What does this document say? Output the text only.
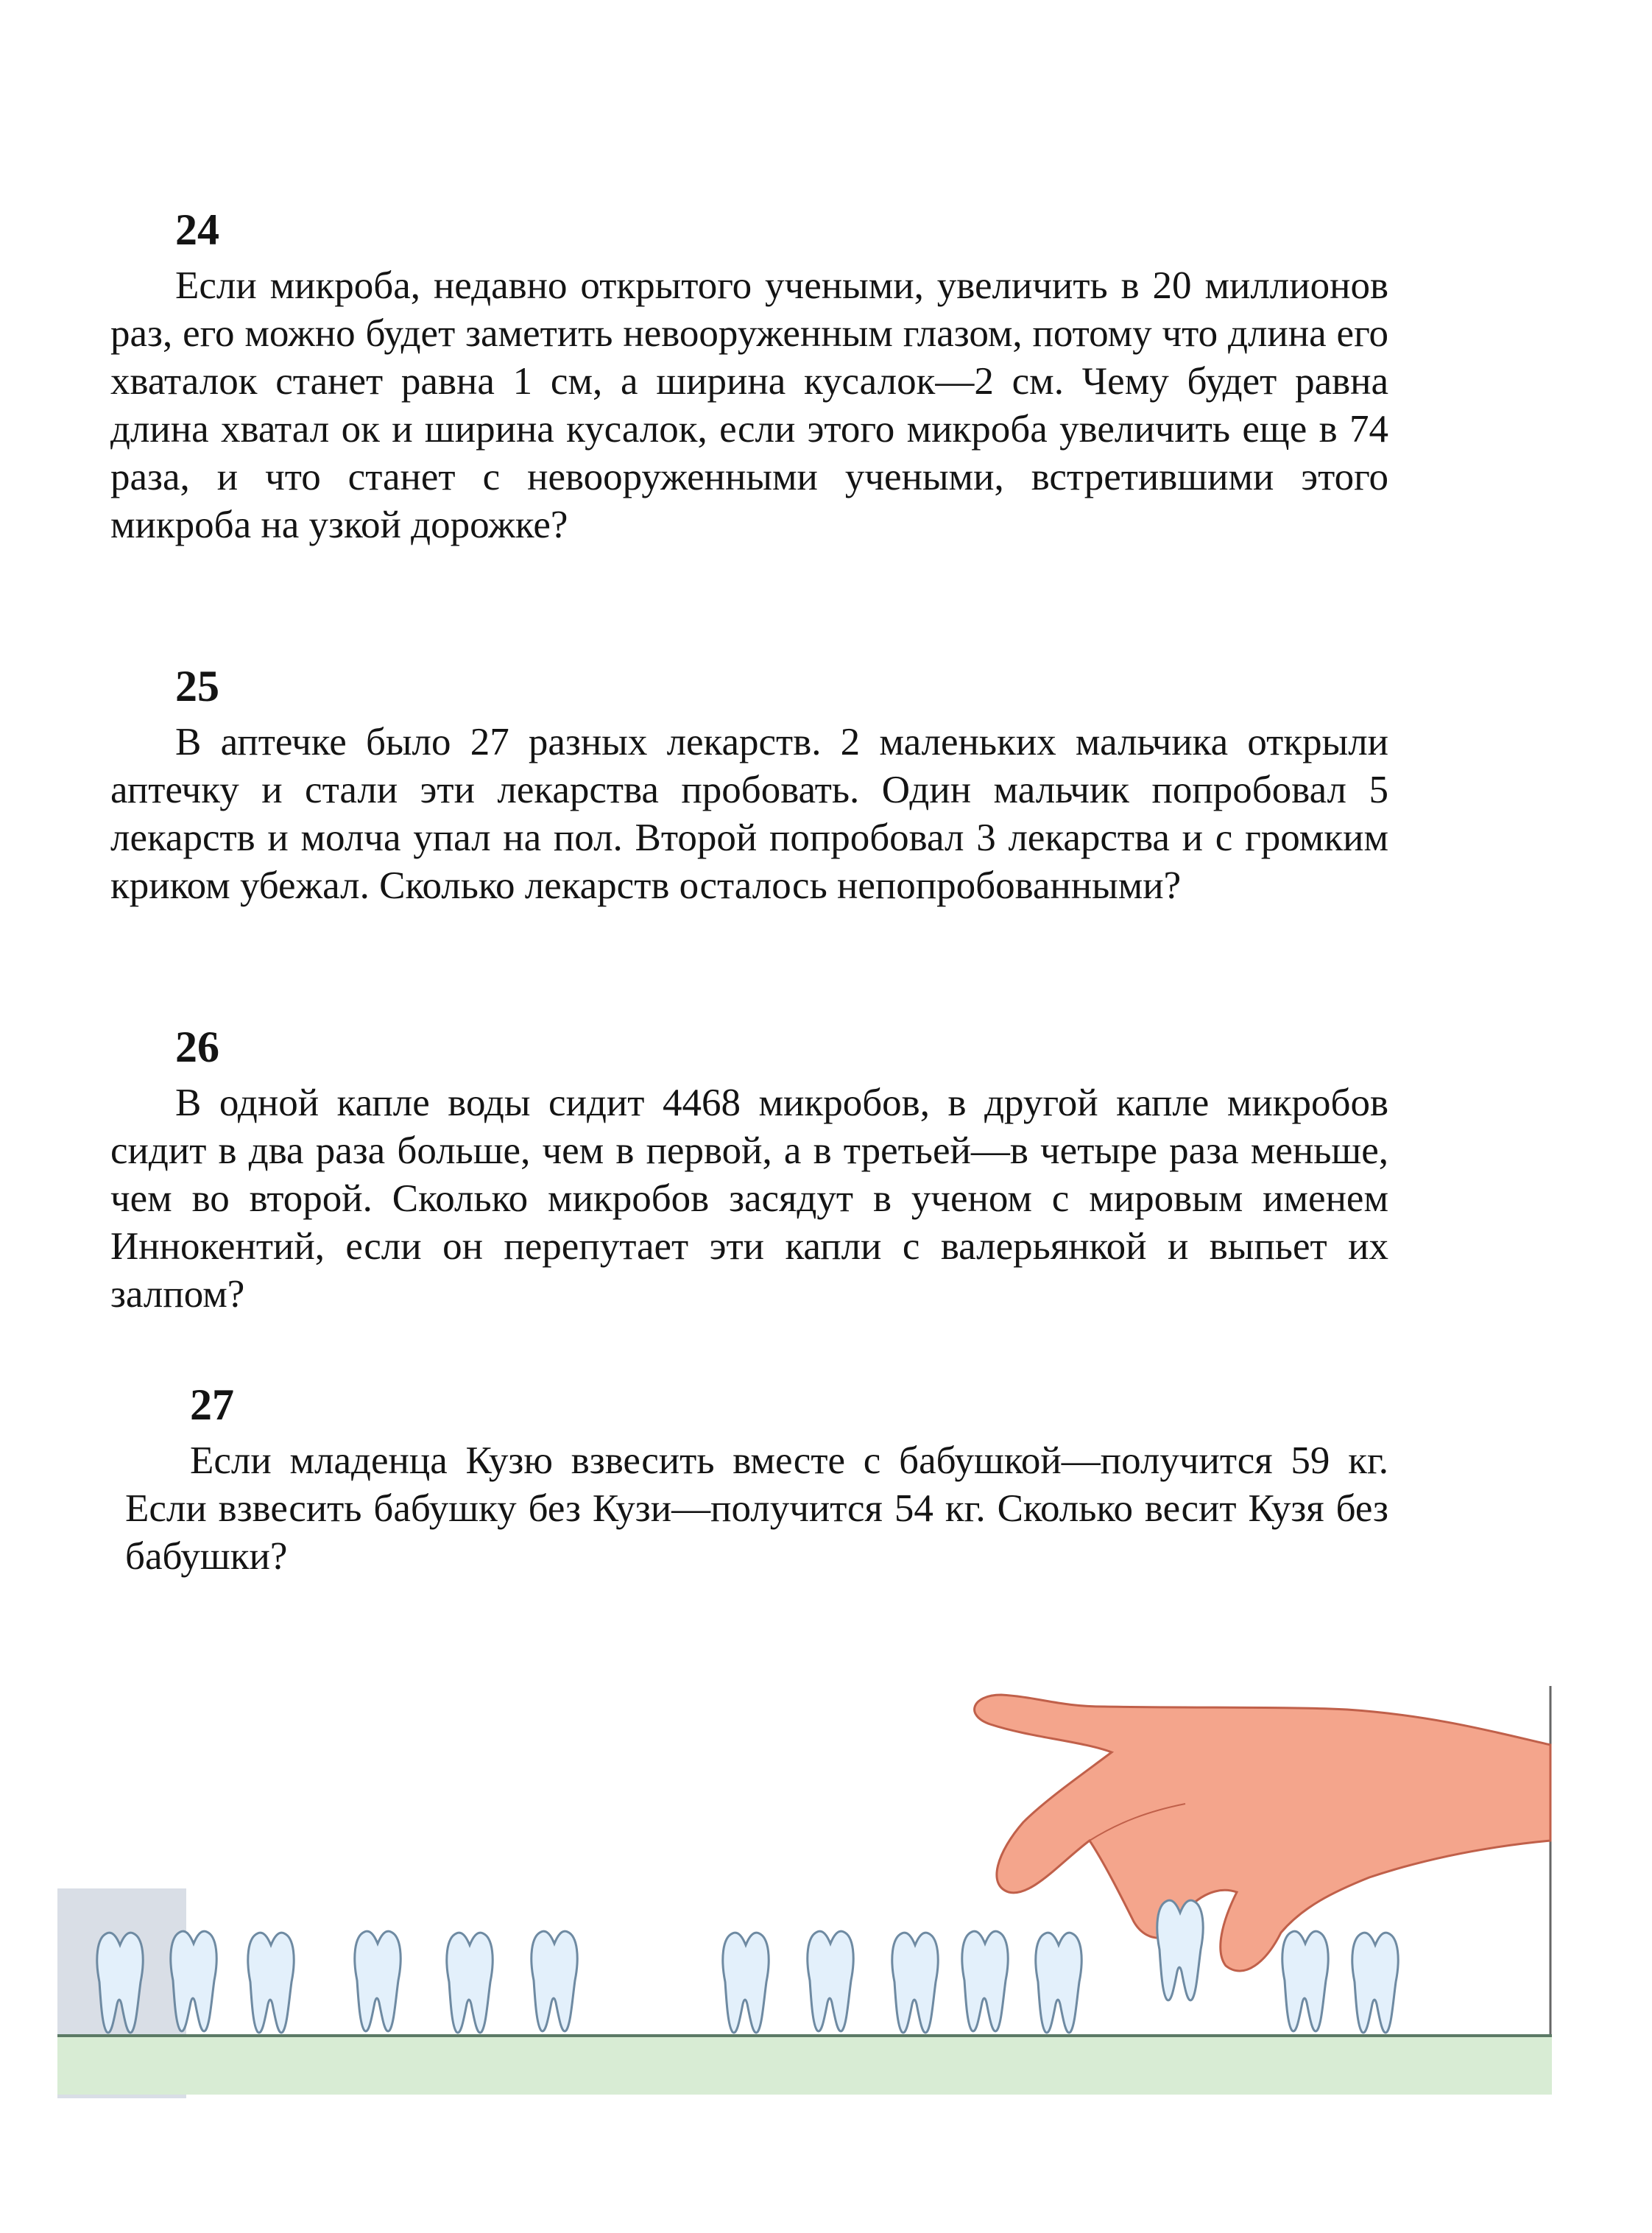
24

Если микроба, недавно открытого учеными, увеличить в 20 миллионов раз, его можно будет заметить невооруженным глазом, потому что длина его хваталок станет равна 1 см, а ширина кусалок—2 см. Чему будет равна длина хватал ок и ширина кусалок, если этого микроба увеличить еще в 74 раза, и что станет с невооруженными учеными, встретившими этого микроба на узкой дорожке?

25

В аптечке было 27 разных лекарств. 2 маленьких мальчика открыли аптечку и стали эти лекарства пробовать. Один мальчик попробовал 5 лекарств и молча упал на пол. Второй попробовал 3 лекарства и с громким криком убежал. Сколько лекарств осталось непопробованными?

26

В одной капле воды сидит 4468 микробов, в другой капле микробов сидит в два раза больше, чем в первой, а в третьей—в четыре раза меньше, чем во второй. Сколько микробов засядут в ученом с мировым именем Иннокентий, если он перепутает эти капли с валерьянкой и выпьет их залпом?

27

Если младенца Кузю взвесить вместе с бабушкой—получится 59 кг. Если взвесить бабушку без Кузи—получится 54 кг. Сколько весит Кузя без бабушки?
